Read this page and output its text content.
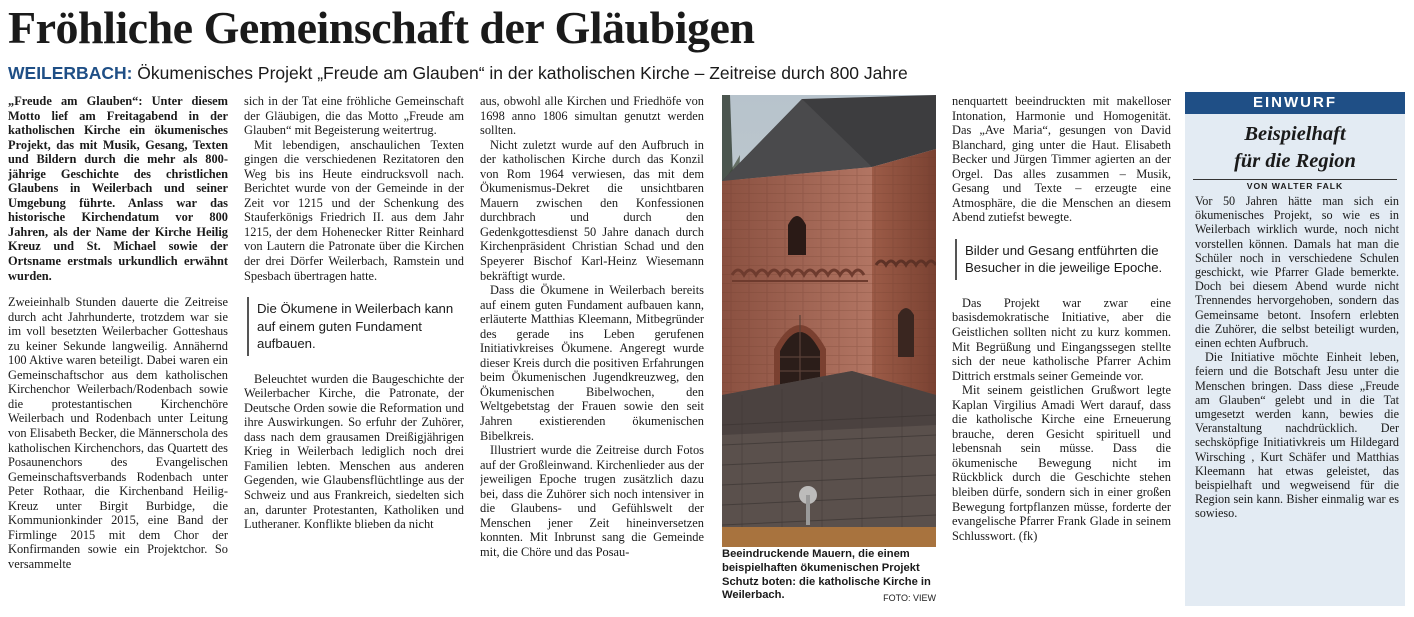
Fröhliche Gemeinschaft der Gläubigen
WEILERBACH: Ökumenisches Projekt „Freude am Glauben“ in der katholischen Kirche – Zeitreise durch 800 Jahre

„Freude am Glauben“: Unter diesem Motto lief am Freitagabend in der katholischen Kirche ein ökumenisches Projekt, das mit Musik, Gesang, Texten und Bildern durch die mehr als 800-jährige Geschichte des christlichen Glaubens in Weilerbach und seiner Umgebung führte. Anlass war das historische Kirchendatum vor 800 Jahren, als der Name der Kirche Heilig Kreuz und St. Michael sowie der Ortsname erstmals urkundlich erwähnt wurden.

Zweieinhalb Stunden dauerte die Zeitreise durch acht Jahrhunderte, trotzdem war sie im voll besetzten Weilerbacher Gotteshaus zu keiner Sekunde langweilig. Annähernd 100 Aktive waren beteiligt. Dabei waren ein Gemeinschaftschor aus dem katholischen Kirchenchor Weilerbach/Rodenbach sowie die protestantischen Kirchenchöre Weilerbach und Rodenbach unter Leitung von Elisabeth Becker, die Männerschola des katholischen Kirchenchors, das Quartett des Posaunenchors des Evangelischen Gemeinschaftsverbands Rodenbach unter Peter Rothaar, die Kirchenband Heilig-Kreuz unter Birgit Burbidge, die Kommunionkinder 2015, eine Band der Firmlinge 2015 mit dem Chor der Konfirmanden sowie ein Projektchor. So versammelte

sich in der Tat eine fröhliche Gemeinschaft der Gläubigen, die das Motto „Freude am Glauben“ mit Begeisterung weitertrug.

Mit lebendigen, anschaulichen Texten gingen die verschiedenen Rezitatoren den Weg bis ins Heute eindrucksvoll nach. Berichtet wurde von der Gemeinde in der Zeit vor 1215 und der Schenkung des Stauferkönigs Friedrich II. aus dem Jahr 1215, der dem Hohenecker Ritter Reinhard von Lautern die Patronate über die Kirchen der drei Dörfer Weilerbach, Ramstein und Spesbach übertragen hatte.

Die Ökumene in Weilerbach kann auf einem guten Fundament aufbauen.

Beleuchtet wurden die Baugeschichte der Weilerbacher Kirche, die Patronate, der Deutsche Orden sowie die Reformation und ihre Auswirkungen. So erfuhr der Zuhörer, dass nach dem grausamen Dreißigjährigen Krieg in Weilerbach lediglich noch drei Familien lebten. Menschen aus anderen Gegenden, wie Glaubensflüchtlinge aus der Schweiz und aus Frankreich, siedelten sich an, darunter Protestanten, Katholiken und Lutheraner. Konflikte blieben da nicht

aus, obwohl alle Kirchen und Friedhöfe von 1698 anno 1806 simultan genutzt werden sollten.

Nicht zuletzt wurde auf den Aufbruch in der katholischen Kirche durch das Konzil von Rom 1964 verwiesen, das mit dem Ökumenismus-Dekret die unsichtbaren Mauern zwischen den Konfessionen durchbrach und durch den Gedenkgottesdienst 50 Jahre danach durch Kirchenpräsident Christian Schad und den Speyerer Bischof Karl-Heinz Wiesemann bekräftigt wurde.

Dass die Ökumene in Weilerbach bereits auf einem guten Fundament aufbauen kann, erläuterte Matthias Kleemann, Mitbegründer des gerade ins Leben gerufenen Initiativkreises Ökumene. Angeregt wurde dieser Kreis durch die positiven Erfahrungen beim Ökumenischen Jugendkreuzweg, den Ökumenischen Bibelwochen, den Weltgebetstag der Frauen sowie den seit Jahren existierenden ökumenischen Bibelkreis.

Illustriert wurde die Zeitreise durch Fotos auf der Großleinwand. Kirchenlieder aus der jeweiligen Epoche trugen zusätzlich dazu bei, dass die Zuhörer sich noch intensiver in die Glaubens- und Gefühlswelt der Menschen jener Zeit hineinversetzen konnten. Mit Inbrunst sang die Gemeinde mit, die Chöre und das Posau-	Beeindruckende Mauern, die einem beispielhaften ökumenischen Projekt Schutz boten: die katholische Kirche in Weilerbach.	FOTO: VIEW

nenquartett beeindruckten mit makelloser Intonation, Harmonie und Homogenität. Das „Ave Maria“, gesungen von David Blanchard, ging unter die Haut. Elisabeth Becker und Jürgen Timmer agierten an der Orgel. Das alles zusammen – Musik, Gesang und Texte – erzeugte eine Atmosphäre, die die Menschen an diesem Abend zutiefst bewegte.

Bilder und Gesang entführten die Besucher in die jeweilige Epoche.

Das Projekt war zwar eine basisdemokratische Initiative, aber die Geistlichen sollten nicht zu kurz kommen. Mit Begrüßung und Eingangssegen stellte sich der neue katholische Pfarrer Achim Dittrich erstmals seiner Gemeinde vor.

Mit seinem geistlichen Grußwort legte Kaplan Virgilius Amadi Wert darauf, dass die katholische Kirche eine Erneuerung brauche, deren Gesicht spirituell und lebensnah sein müsse. Dass die ökumenische Bewegung nicht im Rückblick durch die Geschichte stehen bleiben dürfe, sondern sich in einer großen Bewegung fortpflanzen müsse, forderte der evangelische Pfarrer Frank Glade in seinem Schlusswort. (fk)

EINWURF
Beispielhaft
für die Region
VON WALTER FALK

Vor 50 Jahren hätte man sich ein ökumenisches Projekt, so wie es in Weilerbach wirklich wurde, noch nicht vorstellen können. Damals hat man die Schüler noch in verschiedene Schulen geschickt, wie Pfarrer Glade bemerkte. Doch bei diesem Abend wurde nicht Trennendes hervorgehoben, sondern das Gemeinsame betont. Insofern erlebten die Zuhörer, die selbst beteiligt wurden, einen echten Aufbruch.

Die Initiative möchte Einheit leben, feiern und die Botschaft Jesu unter die Menschen bringen. Dass diese „Freude am Glauben“ gelebt und in die Tat umgesetzt werden kann, bewies die Veranstaltung nachdrücklich. Der sechsköpfige Initiativkreis um Hildegard Wirsching , Kurt Schäfer und Matthias Kleemann hat etwas geleistet, das beispielhaft und wegweisend für die Region sein kann. Bisher einmalig war es sowieso.
